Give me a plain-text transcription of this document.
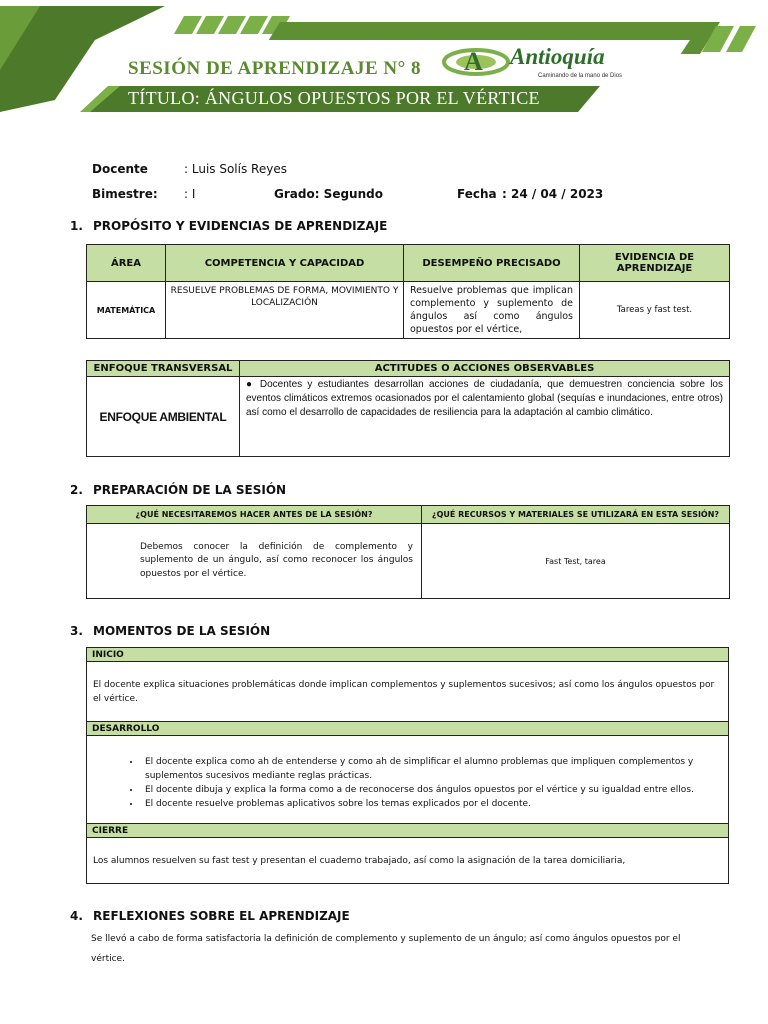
SESIÓN DE APRENDIZAJE N° 8
TÍTULO: ÁNGULOS OPUESTOS POR EL VÉRTICE
A Antioquía
Caminando de la mano de Dios
Docente	: Luis Solís Reyes
Bimestre: : I	Grado: Segundo	Fecha : 24 / 04 / 2023
1. PROPÓSITO Y EVIDENCIAS DE APRENDIZAJE
ÁREA	COMPETENCIA Y CAPACIDAD	DESEMPEÑO PRECISADO	EVIDENCIA DE APRENDIZAJE
MATEMÁTICA	RESUELVE PROBLEMAS DE FORMA, MOVIMIENTO Y LOCALIZACIÓN	Resuelve problemas que implican complemento y suplemento de ángulos así como ángulos opuestos por el vértice,	Tareas y fast test.
ENFOQUE TRANSVERSAL	ACTITUDES O ACCIONES OBSERVABLES
ENFOQUE AMBIENTAL	● Docentes y estudiantes desarrollan acciones de ciudadanía, que demuestren conciencia sobre los eventos climáticos extremos ocasionados por el calentamiento global (sequías e inundaciones, entre otros) así como el desarrollo de capacidades de resiliencia para la adaptación al cambio climático.
2. PREPARACIÓN DE LA SESIÓN
¿QUÉ NECESITAREMOS HACER ANTES DE LA SESIÓN?	¿QUÉ RECURSOS Y MATERIALES SE UTILIZARÁ EN ESTA SESIÓN?
Debemos conocer la definición de complemento y suplemento de un ángulo, así como reconocer los ángulos opuestos por el vértice.	Fast Test, tarea
3. MOMENTOS DE LA SESIÓN
INICIO
El docente explica situaciones problemáticas donde implican complementos y suplementos sucesivos; así como los ángulos opuestos por el vértice.
DESARROLLO

• El docente explica como ah de entenderse y como ah de simplificar el alumno problemas que impliquen complementos y suplementos sucesivos mediante reglas prácticas.
• El docente dibuja y explica la forma como a de reconocerse dos ángulos opuestos por el vértice y su igualdad entre ellos.
• El docente resuelve problemas aplicativos sobre los temas explicados por el docente.

CIERRE
Los alumnos resuelven su fast test y presentan el cuaderno trabajado, así como la asignación de la tarea domiciliaria,
4. REFLEXIONES SOBRE EL APRENDIZAJE
Se llevó a cabo de forma satisfactoria la definición de complemento y suplemento de un ángulo; así como ángulos opuestos por el vértice.
